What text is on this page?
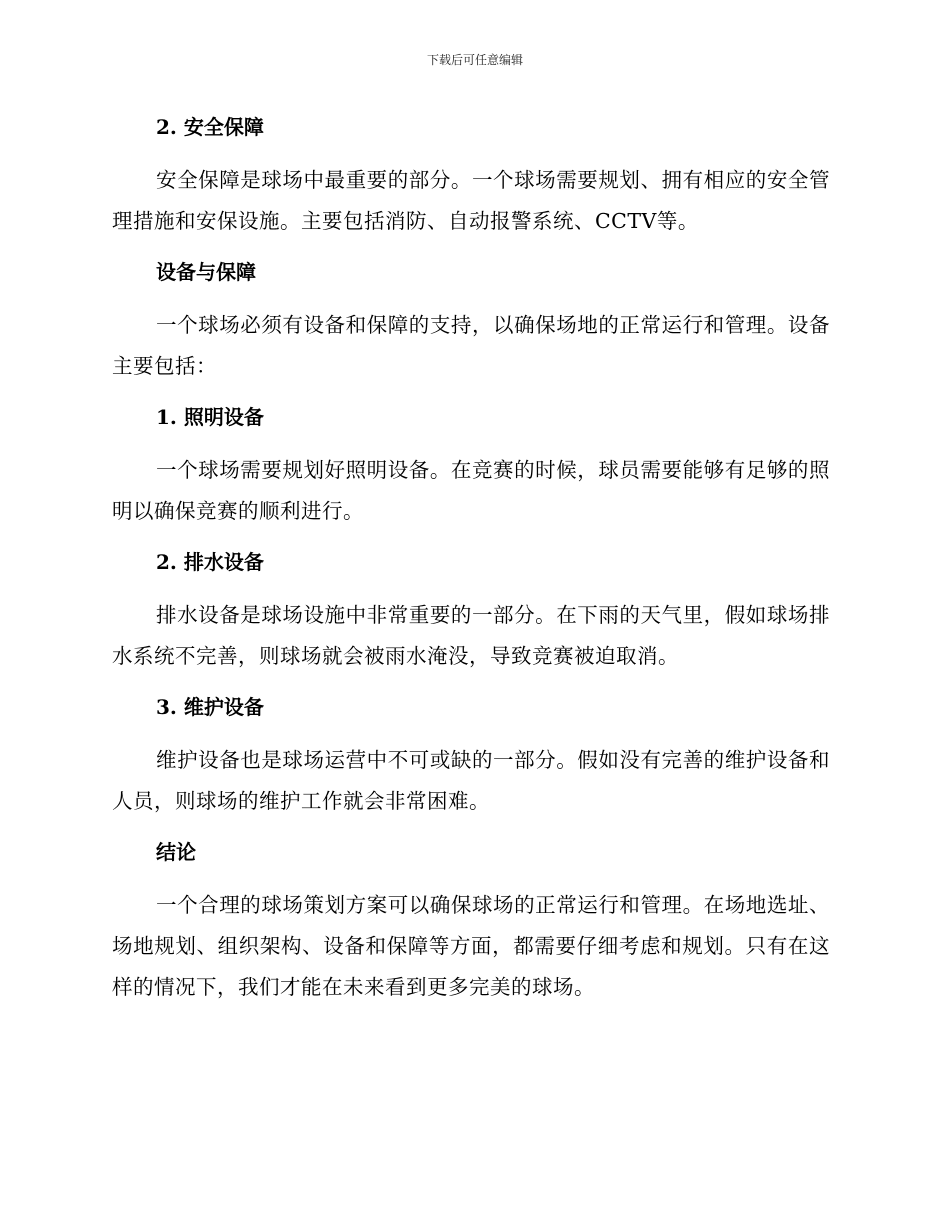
下载后可任意编辑
2. 安全保障

安全保障是球场中最重要的部分。一个球场需要规划、拥有相应的安全管理措施和安保设施。主要包括消防、自动报警系统、CCTV等。

设备与保障

一个球场必须有设备和保障的支持，以确保场地的正常运行和管理。设备主要包括：

1. 照明设备

一个球场需要规划好照明设备。在竞赛的时候，球员需要能够有足够的照明以确保竞赛的顺利进行。

2. 排水设备

排水设备是球场设施中非常重要的一部分。在下雨的天气里，假如球场排水系统不完善，则球场就会被雨水淹没，导致竞赛被迫取消。

3. 维护设备

维护设备也是球场运营中不可或缺的一部分。假如没有完善的维护设备和人员，则球场的维护工作就会非常困难。

结论

一个合理的球场策划方案可以确保球场的正常运行和管理。在场地选址、场地规划、组织架构、设备和保障等方面，都需要仔细考虑和规划。只有在这样的情况下，我们才能在未来看到更多完美的球场。
